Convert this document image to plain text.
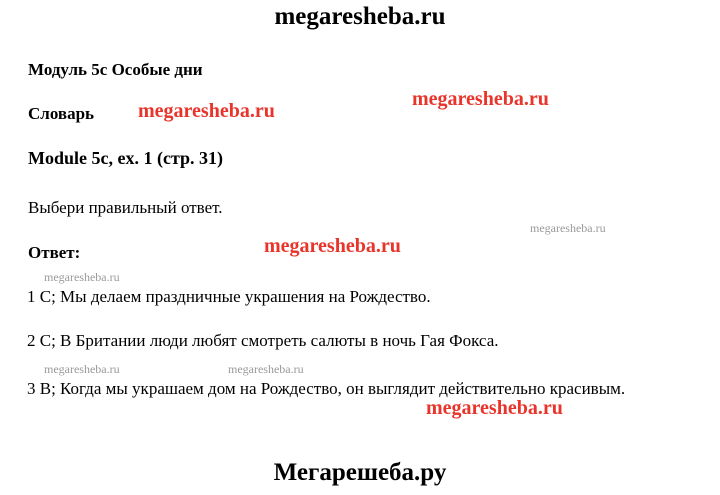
megaresheba.ru
Модуль 5c Особые дни
Словарь
Module 5c, ex. 1 (стр. 31)
Выбери правильный ответ.
Ответ:
1 C; Мы делаем праздничные украшения на Рождество.
2 C; В Британии люди любят смотреть салюты в ночь Гая Фокса.
3 B; Когда мы украшаем дом на Рождество, он выглядит действительно красивым.
Мегарешеба.ру
megaresheba.ru
megaresheba.ru
megaresheba.ru
megaresheba.ru
megaresheba.ru
megaresheba.ru	megaresheba.ru
megaresheba.ru
